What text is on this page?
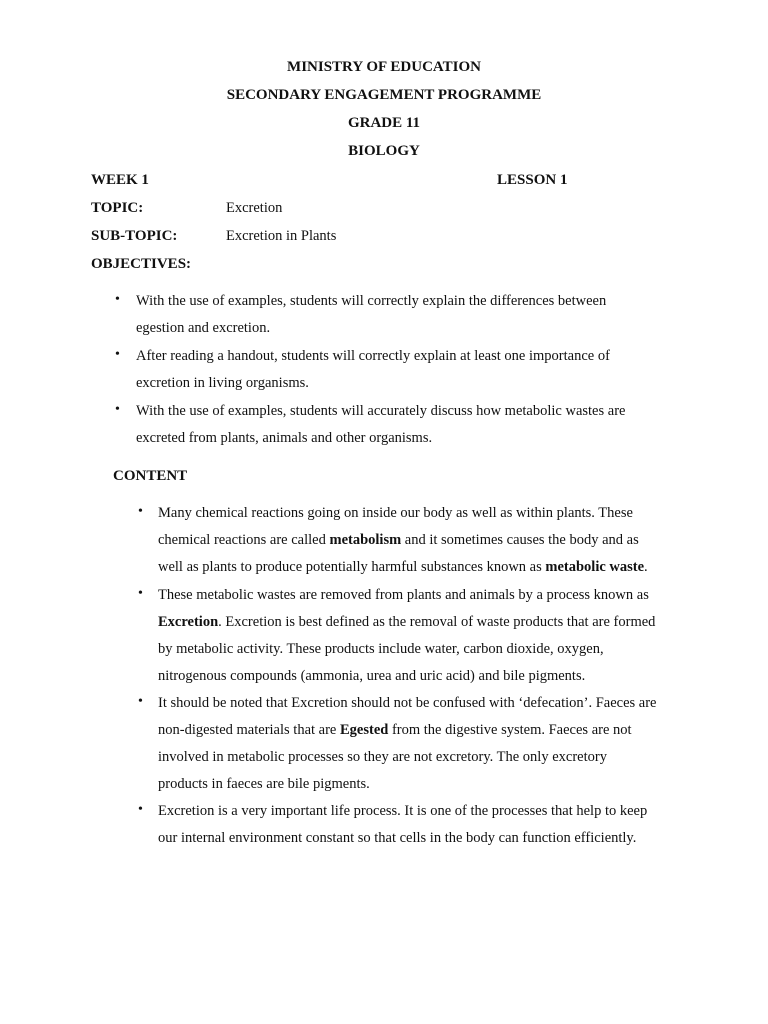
MINISTRY OF EDUCATION
SECONDARY ENGAGEMENT PROGRAMME
GRADE 11
BIOLOGY
WEEK 1	LESSON 1
TOPIC:	Excretion
SUB-TOPIC:	Excretion in Plants
OBJECTIVES:
• With the use of examples, students will correctly explain the differences between
egestion and excretion.
• After reading a handout, students will correctly explain at least one importance of
excretion in living organisms.
• With the use of examples, students will accurately discuss how metabolic wastes are
excreted from plants, animals and other organisms.
CONTENT
• Many chemical reactions going on inside our body as well as within plants. These
chemical reactions are called metabolism and it sometimes causes the body and as
well as plants to produce potentially harmful substances known as metabolic waste.
• These metabolic wastes are removed from plants and animals by a process known as
Excretion. Excretion is best defined as the removal of waste products that are formed
by metabolic activity. These products include water, carbon dioxide, oxygen,
nitrogenous compounds (ammonia, urea and uric acid) and bile pigments.
• It should be noted that Excretion should not be confused with ‘defecation’. Faeces are
non-digested materials that are Egested from the digestive system. Faeces are not
involved in metabolic processes so they are not excretory. The only excretory
products in faeces are bile pigments.
• Excretion is a very important life process. It is one of the processes that help to keep
our internal environment constant so that cells in the body can function efficiently.
